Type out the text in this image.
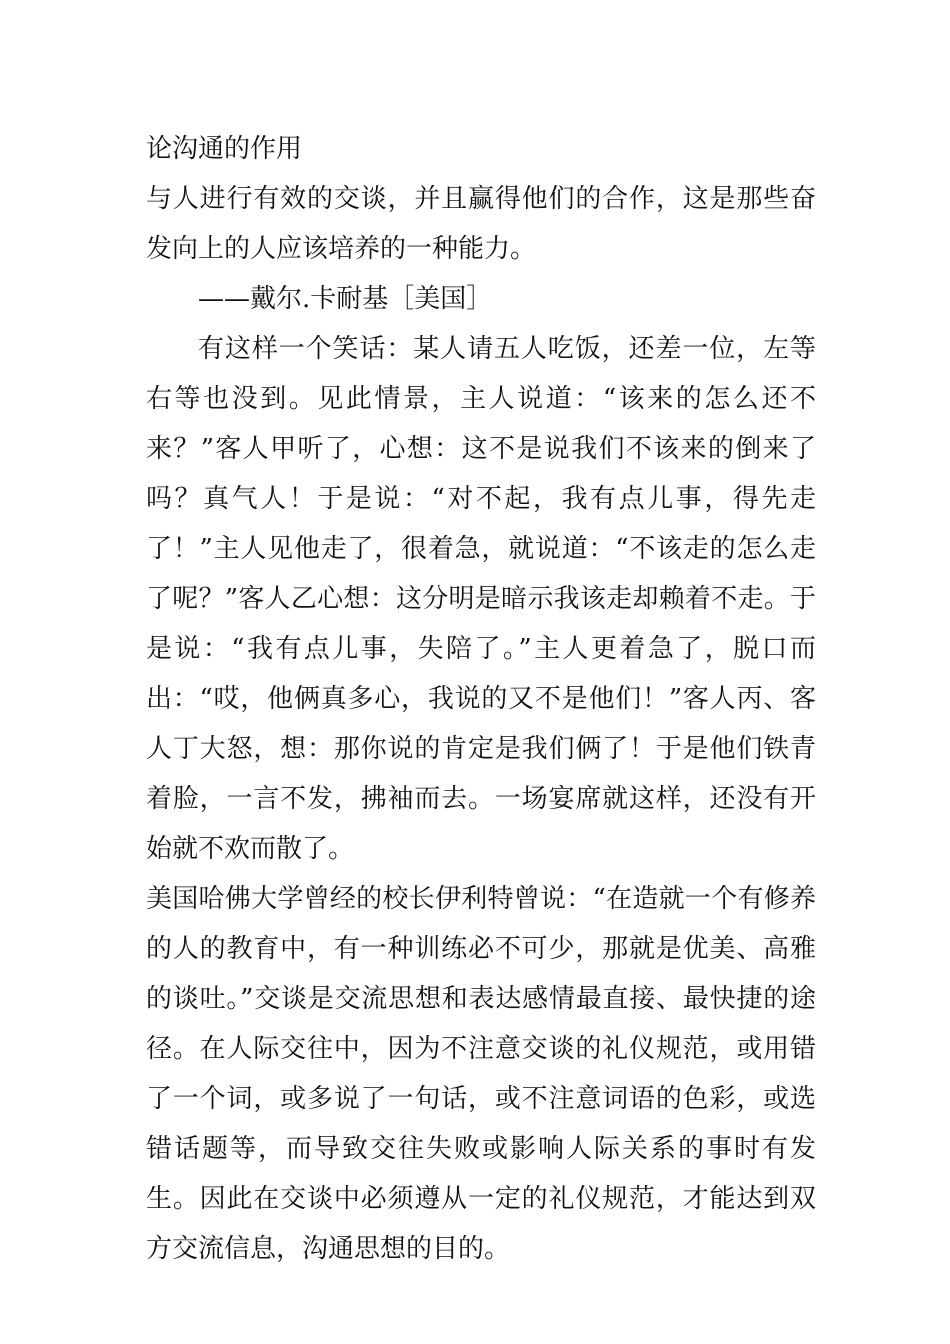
论沟通的作用

与人进行有效的交谈，并且赢得他们的合作，这是那些奋发向上的人应该培养的一种能力。

——戴尔.卡耐基［美国］

有这样一个笑话：某人请五人吃饭，还差一位，左等右等也没到。见此情景，主人说道：“该来的怎么还不来？”客人甲听了，心想：这不是说我们不该来的倒来了吗？真气人！于是说：“对不起，我有点儿事，得先走了！”主人见他走了，很着急，就说道：“不该走的怎么走了呢？”客人乙心想：这分明是暗示我该走却赖着不走。于是说：“我有点儿事，失陪了。”主人更着急了，脱口而出：“哎，他俩真多心，我说的又不是他们！”客人丙、客人丁大怒，想：那你说的肯定是我们俩了！于是他们铁青着脸，一言不发，拂袖而去。一场宴席就这样，还没有开始就不欢而散了。

美国哈佛大学曾经的校长伊利特曾说：“在造就一个有修养的人的教育中，有一种训练必不可少，那就是优美、高雅的谈吐。”交谈是交流思想和表达感情最直接、最快捷的途径。在人际交往中，因为不注意交谈的礼仪规范，或用错了一个词，或多说了一句话，或不注意词语的色彩，或选错话题等，而导致交往失败或影响人际关系的事时有发生。因此在交谈中必须遵从一定的礼仪规范，才能达到双方交流信息，沟通思想的目的。
